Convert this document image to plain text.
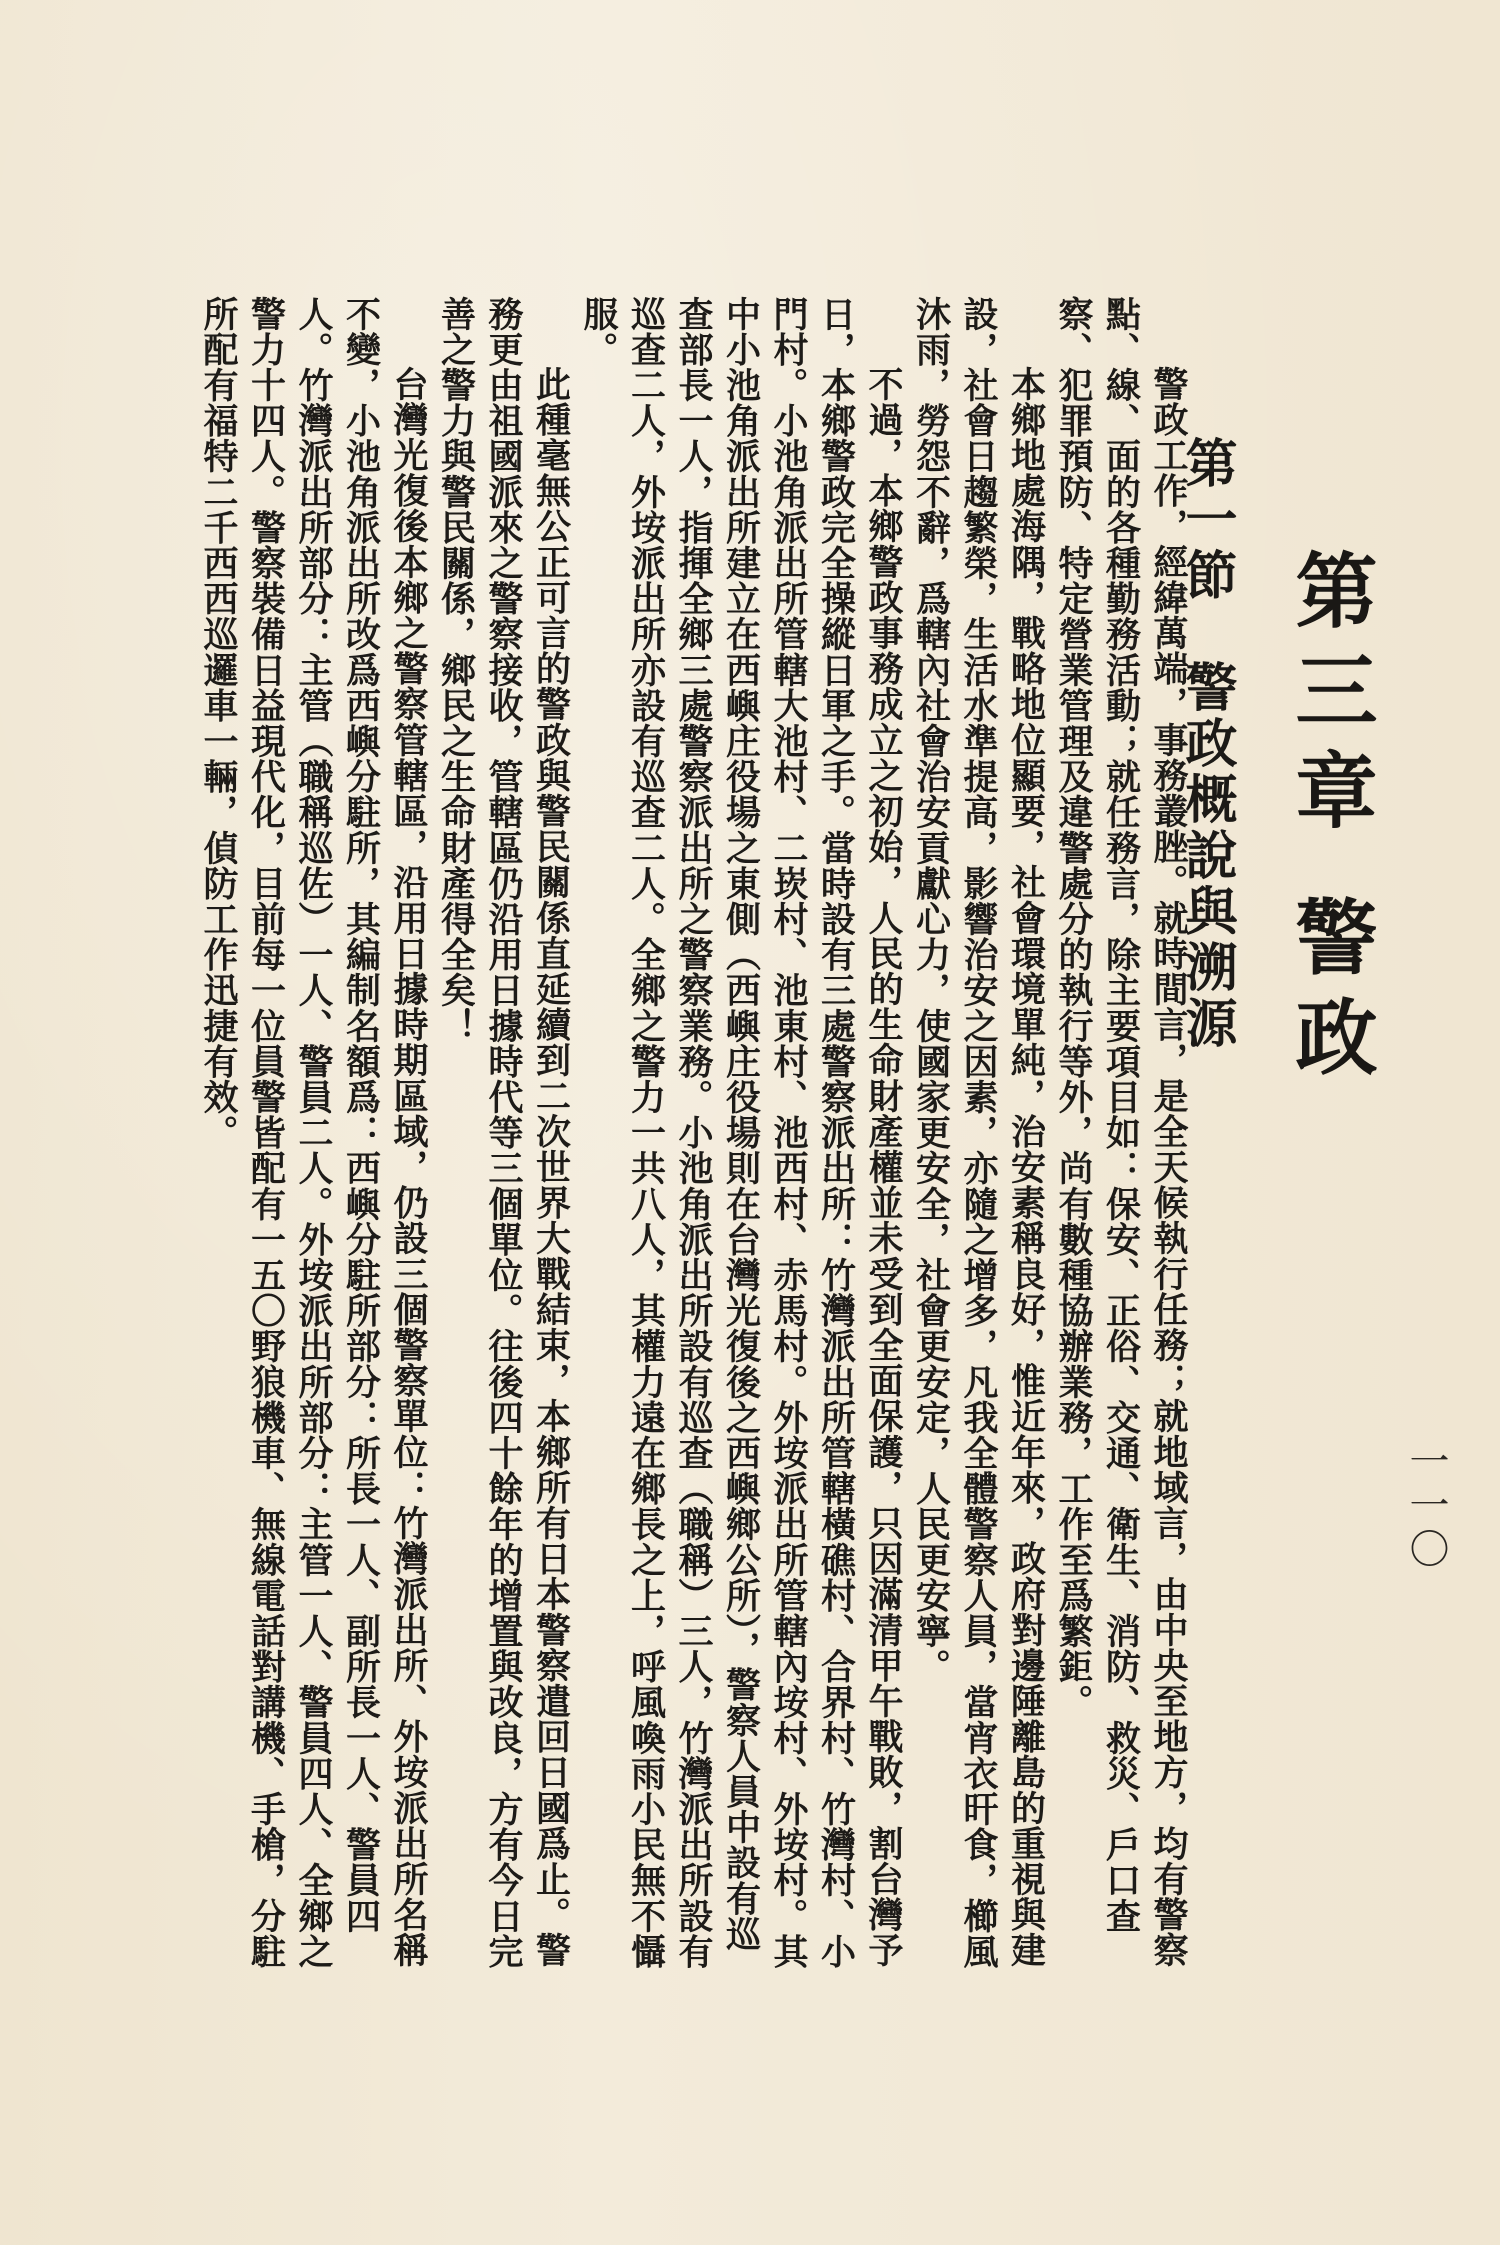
一一〇
第三章 警政
第一節　警政概說與溯源

警政工作，經緯萬端，事務叢脞。就時間言，是全天候執行任務；就地域言，由中央至地方，均有警察點、線、面的各種勤務活動；就任務言，除主要項目如：保安、正俗、交通、衛生、消防、救災、戶口查察、犯罪預防、特定營業管理及違警處分的執行等外，尚有數種協辦業務，工作至爲繁鉅。

本鄉地處海隅，戰略地位顯要，社會環境單純，治安素稱良好，惟近年來，政府對邊陲離島的重視與建設，社會日趨繁榮，生活水準提高，影響治安之因素，亦隨之增多，凡我全體警察人員，當宵衣旰食，櫛風沐雨，勞怨不辭，爲轄內社會治安貢獻心力，使國家更安全，社會更安定，人民更安寧。

不過，本鄉警政事務成立之初始，人民的生命財產權並未受到全面保護，只因滿清甲午戰敗，割台灣予日，本鄉警政完全操縱日軍之手。當時設有三處警察派出所：竹灣派出所管轄橫礁村、合界村、竹灣村、小門村。小池角派出所管轄大池村、二崁村、池東村、池西村、赤馬村。外垵派出所管轄內垵村、外垵村。其中小池角派出所建立在西嶼庄役場之東側（西嶼庄役場則在台灣光復後之西嶼鄉公所），警察人員中設有巡查部長一人，指揮全鄉三處警察派出所之警察業務。小池角派出所設有巡查（職稱）三人，竹灣派出所設有巡查二人，外垵派出所亦設有巡查二人。全鄉之警力一共八人，其權力遠在鄉長之上，呼風喚雨小民無不懾服。

此種毫無公正可言的警政與警民關係直延續到二次世界大戰結束，本鄉所有日本警察遣回日國爲止。警務更由祖國派來之警察接收，管轄區仍沿用日據時代等三個單位。往後四十餘年的增置與改良，方有今日完善之警力與警民關係，鄉民之生命財產得全矣！

台灣光復後本鄉之警察管轄區，沿用日據時期區域，仍設三個警察單位：竹灣派出所、外垵派出所名稱不變，小池角派出所改爲西嶼分駐所，其編制名額爲：西嶼分駐所部分：所長一人、副所長一人、警員四人。竹灣派出所部分：主管（職稱巡佐）一人、警員二人。外垵派出所部分：主管一人、警員四人、全鄉之警力十四人。警察裝備日益現代化，目前每一位員警皆配有一五〇野狼機車、無線電話對講機、手槍，分駐所配有福特二千西西巡邏車一輛，偵防工作迅捷有效。
